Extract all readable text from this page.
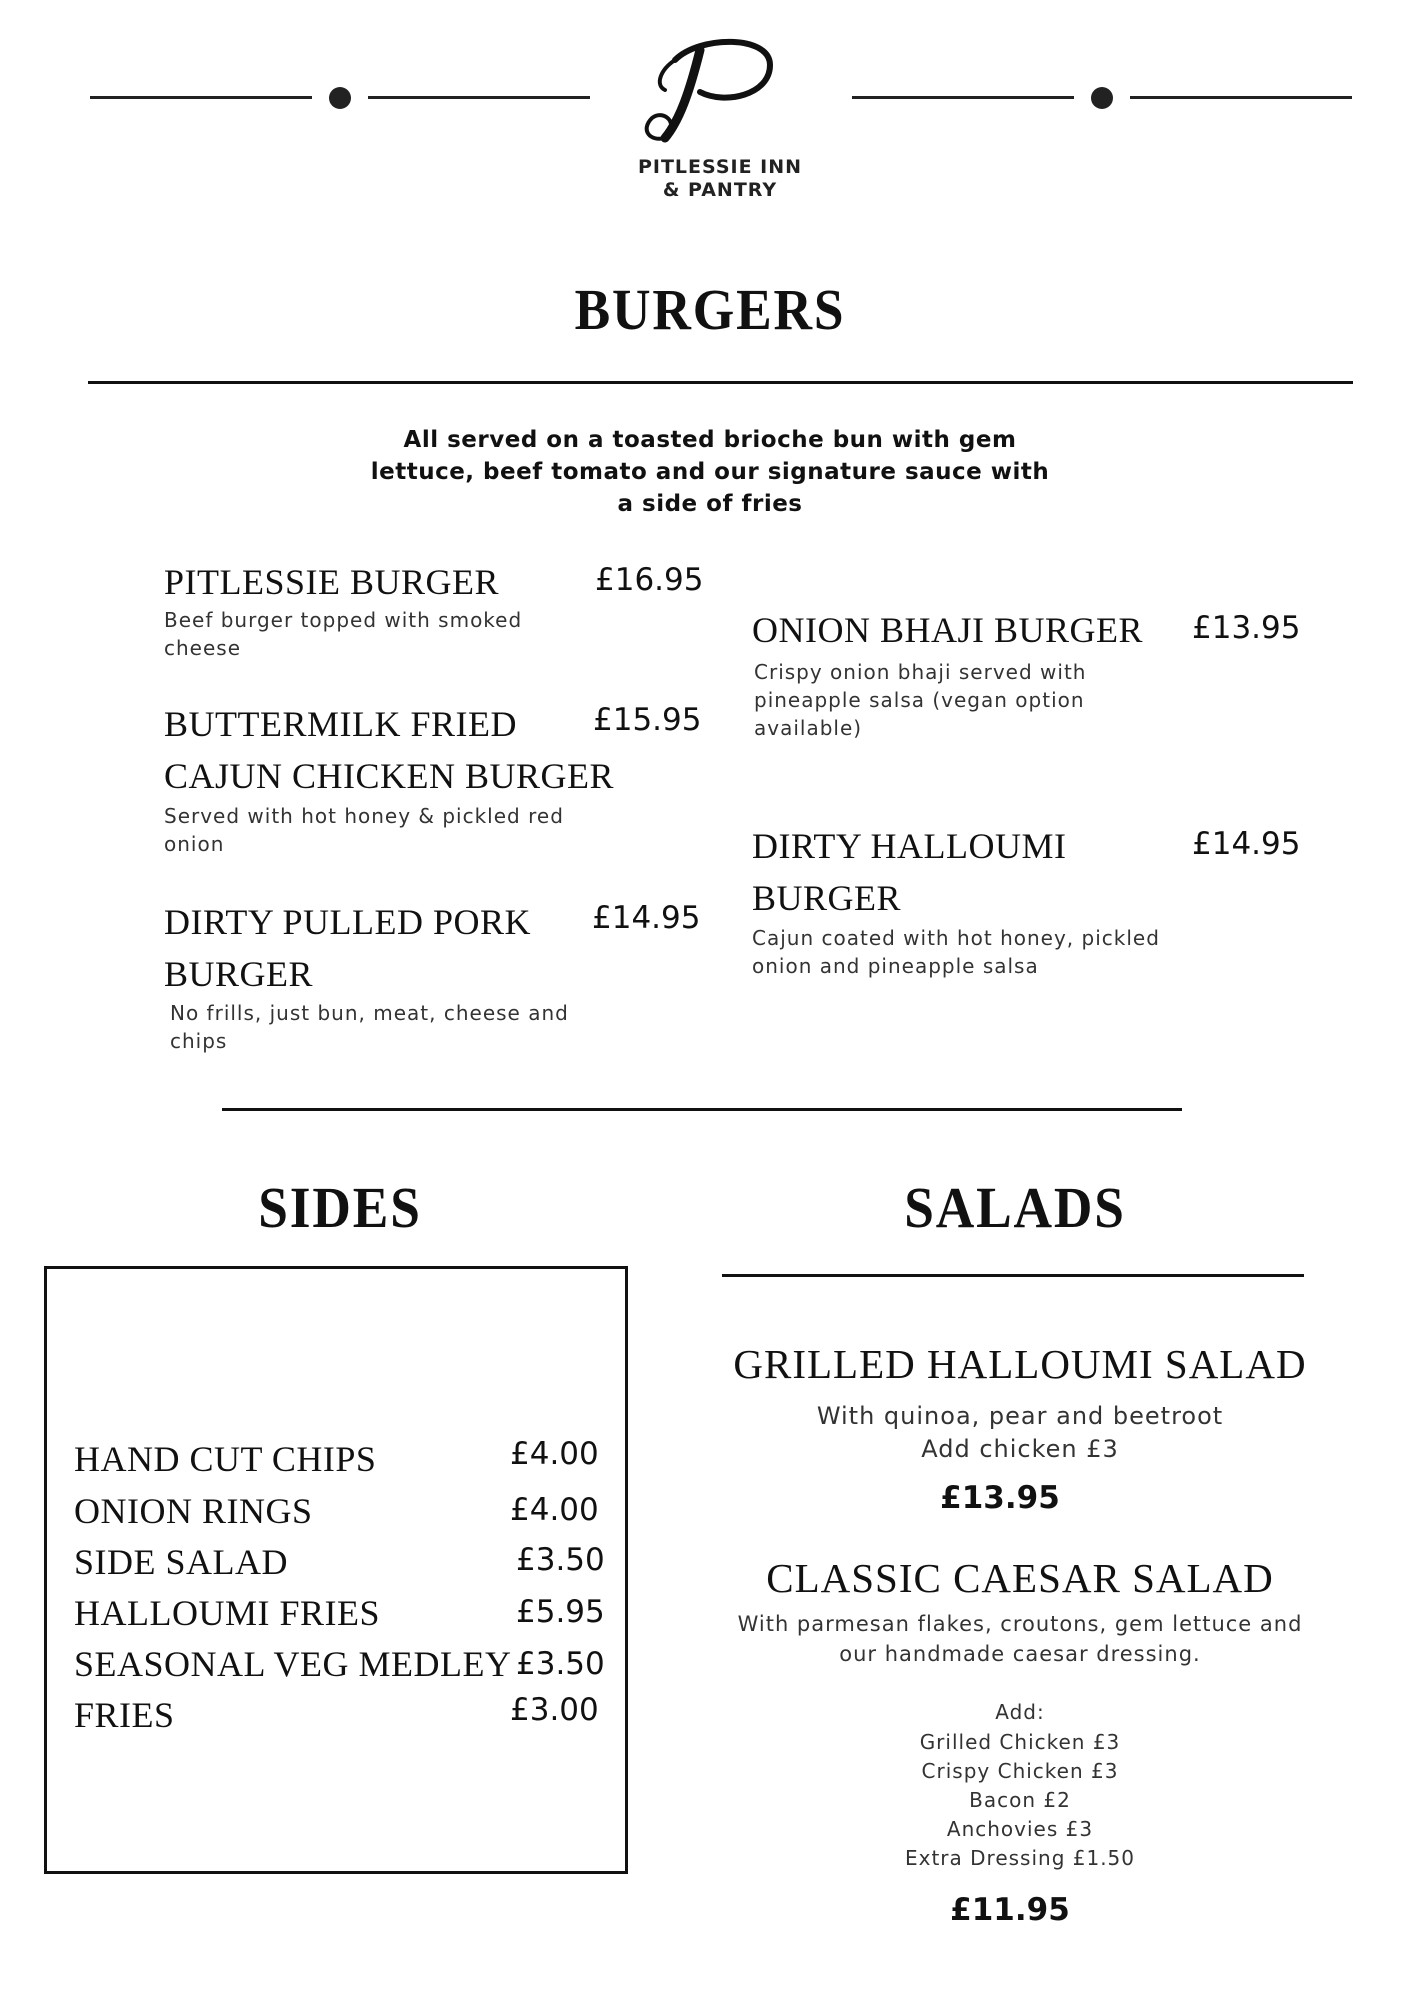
PITLESSIE INN
& PANTRY
BURGERS
All served on a toasted brioche bun with gem lettuce, beef tomato and our signature sauce with a side of fries
PITLESSIE BURGER	£16.95
Beef burger topped with smoked cheese
BUTTERMILK FRIED CAJUN CHICKEN BURGER
£15.95
Served with hot honey & pickled red onion
DIRTY PULLED PORK BURGER
£14.95
No frills, just bun, meat, cheese and chips
ONION BHAJI BURGER	£13.95
Crispy onion bhaji served with pineapple salsa (vegan option available)
DIRTY HALLOUMI BURGER
£14.95
Cajun coated with hot honey, pickled onion and pineapple salsa
SIDES
HAND CUT CHIPS	£4.00
ONION RINGS	£4.00
SIDE SALAD	£3.50
HALLOUMI FRIES	£5.95
SEASONAL VEG MEDLEY £3.50
FRIES	£3.00
SALADS
GRILLED HALLOUMI SALAD
With quinoa, pear and beetroot
Add chicken £3
£13.95
CLASSIC CAESAR SALAD
With parmesan flakes, croutons, gem lettuce and
our handmade caesar dressing.
Add:
Grilled Chicken £3
Crispy Chicken £3
Bacon £2
Anchovies £3
Extra Dressing £1.50
£11.95
